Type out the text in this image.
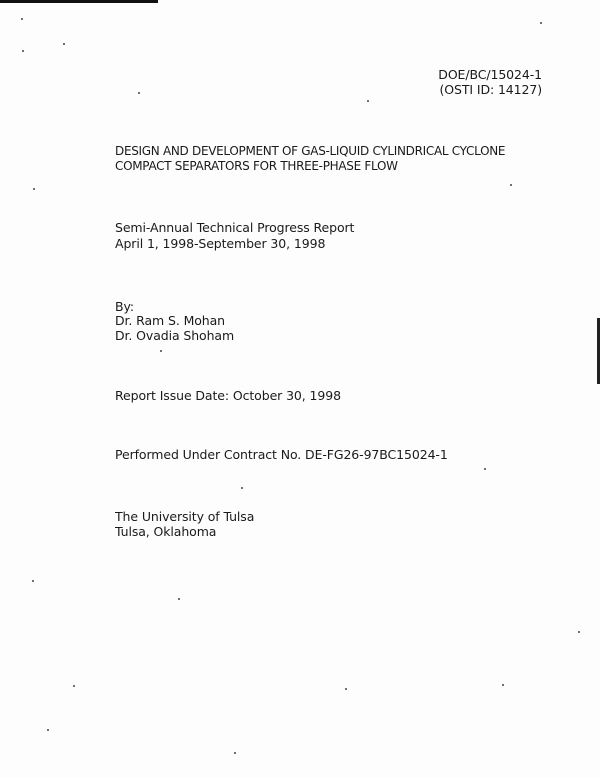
DOE/BC/15024-1
(OSTI ID: 14127)
DESIGN AND DEVELOPMENT OF GAS-LIQUID CYLINDRICAL CYCLONE
COMPACT SEPARATORS FOR THREE-PHASE FLOW
Semi-Annual Technical Progress Report
April 1, 1998-September 30, 1998
By:
Dr. Ram S. Mohan
Dr. Ovadia Shoham
Report Issue Date: October 30, 1998
Performed Under Contract No. DE-FG26-97BC15024-1
The University of Tulsa
Tulsa, Oklahoma
